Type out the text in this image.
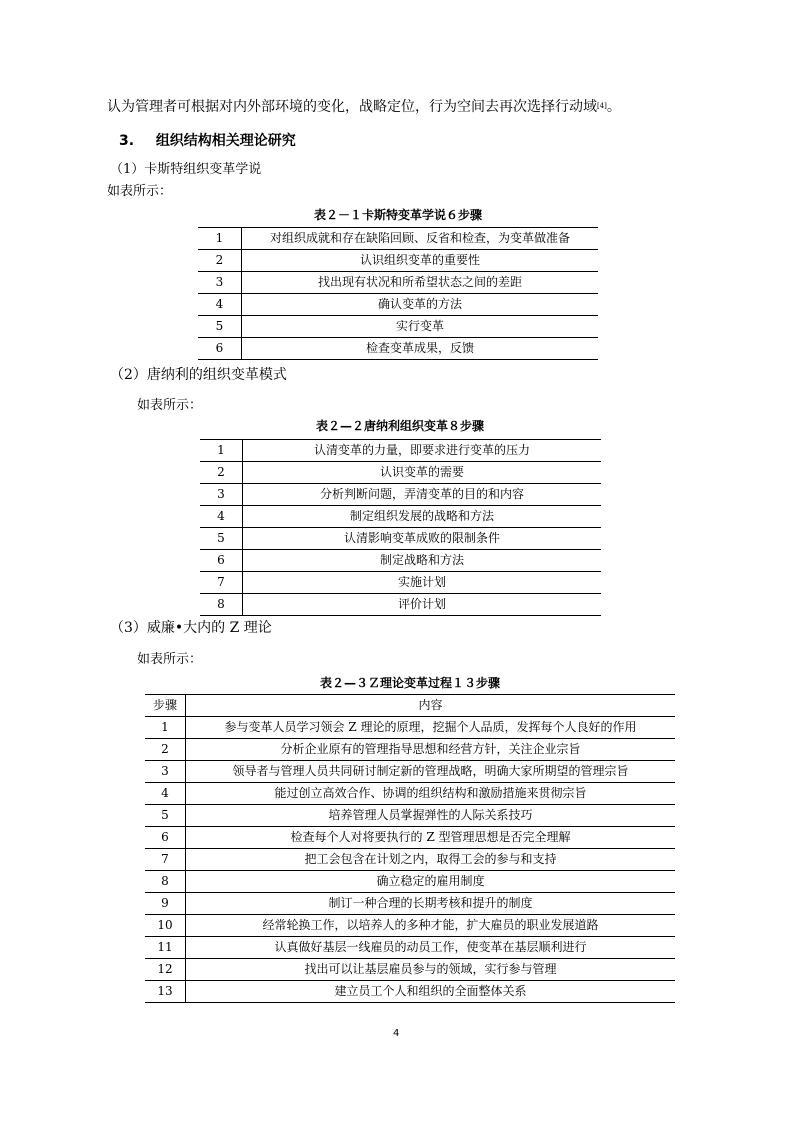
认为管理者可根据对内外部环境的变化，战略定位，行为空间去再次选择行动域[4]。
3. 组织结构相关理论研究
（1）卡斯特组织变革学说
如表所示：
表２－１卡斯特变革学说６步骤
1	对组织成就和存在缺陷回顾、反省和检查，为变革做准备
2	认识组织变革的重要性
3	找出现有状况和所希望状态之间的差距
4	确认变革的方法
5	实行变革
6	检查变革成果，反馈
（2）唐纳利的组织变革模式
如表所示：
表２—２唐纳利组织变革８步骤
1	认清变革的力量，即要求进行变革的压力
2	认识变革的需要
3	分析判断问题，弄清变革的目的和内容
4	制定组织发展的战略和方法
5	认清影响变革成败的限制条件
6	制定战略和方法
7	实施计划
8	评价计划
（3）威廉•大内的 Z 理论
如表所示：
表２—３Ｚ理论变革过程１３步骤
步骤	内容
1	参与变革人员学习领会 Z 理论的原理，挖掘个人品质，发挥每个人良好的作用
2	分析企业原有的管理指导思想和经营方针，关注企业宗旨
3	领导者与管理人员共同研讨制定新的管理战略，明确大家所期望的管理宗旨
4	能过创立高效合作、协调的组织结构和激励措施来贯彻宗旨
5	培养管理人员掌握弹性的人际关系技巧
6	检查每个人对将要执行的 Z 型管理思想是否完全理解
7	把工会包含在计划之内，取得工会的参与和支持
8	确立稳定的雇用制度
9	制订一种合理的长期考核和提升的制度
10	经常轮换工作，以培养人的多种才能，扩大雇员的职业发展道路
11	认真做好基层一线雇员的动员工作，使变革在基层顺利进行
12	找出可以让基层雇员参与的领域，实行参与管理
13	建立员工个人和组织的全面整体关系
4
